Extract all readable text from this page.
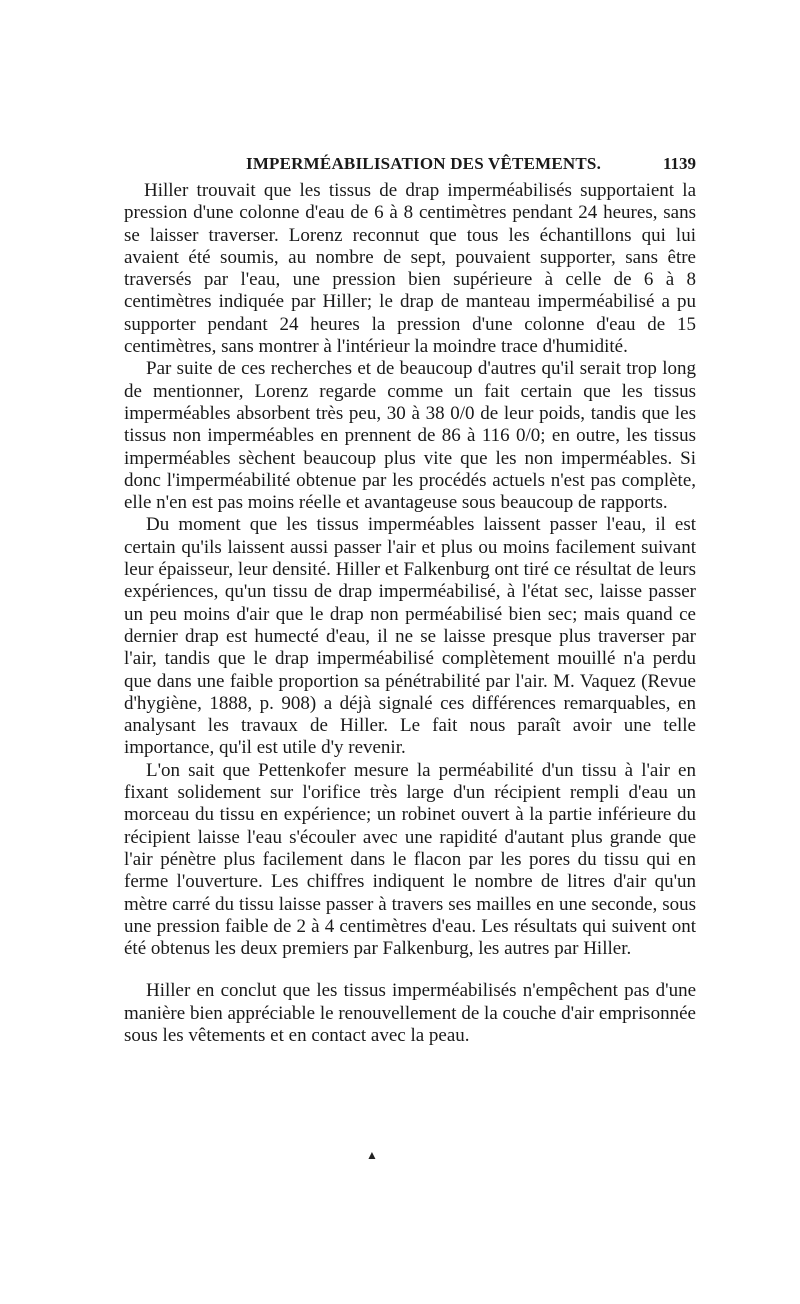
IMPERMÉABILISATION DES VÊTEMENTS.	1139

Hiller trouvait que les tissus de drap imperméabilisés supportaient la pression d'une colonne d'eau de 6 à 8 centimètres pendant 24 heures, sans se laisser traverser. Lorenz reconnut que tous les échantillons qui lui avaient été soumis, au nombre de sept, pouvaient supporter, sans être traversés par l'eau, une pression bien supérieure à celle de 6 à 8 centimètres indiquée par Hiller; le drap de manteau imperméabilisé a pu supporter pendant 24 heures la pression d'une colonne d'eau de 15 centimètres, sans montrer à l'intérieur la moindre trace d'humidité.

Par suite de ces recherches et de beaucoup d'autres qu'il serait trop long de mentionner, Lorenz regarde comme un fait certain que les tissus imperméables absorbent très peu, 30 à 38 0/0 de leur poids, tandis que les tissus non imperméables en prennent de 86 à 116 0/0; en outre, les tissus imperméables sèchent beaucoup plus vite que les non imperméables. Si donc l'imperméabilité obtenue par les procédés actuels n'est pas complète, elle n'en est pas moins réelle et avantageuse sous beaucoup de rapports.

Du moment que les tissus imperméables laissent passer l'eau, il est certain qu'ils laissent aussi passer l'air et plus ou moins facilement suivant leur épaisseur, leur densité. Hiller et Falkenburg ont tiré ce résultat de leurs expériences, qu'un tissu de drap imperméabilisé, à l'état sec, laisse passer un peu moins d'air que le drap non perméabilisé bien sec; mais quand ce dernier drap est humecté d'eau, il ne se laisse presque plus traverser par l'air, tandis que le drap imperméabilisé complètement mouillé n'a perdu que dans une faible proportion sa pénétrabilité par l'air. M. Vaquez (Revue d'hygiène, 1888, p. 908) a déjà signalé ces différences remarquables, en analysant les travaux de Hiller. Le fait nous paraît avoir une telle importance, qu'il est utile d'y revenir.

L'on sait que Pettenkofer mesure la perméabilité d'un tissu à l'air en fixant solidement sur l'orifice très large d'un récipient rempli d'eau un morceau du tissu en expérience; un robinet ouvert à la partie inférieure du récipient laisse l'eau s'écouler avec une rapidité d'autant plus grande que l'air pénètre plus facilement dans le flacon par les pores du tissu qui en ferme l'ouverture. Les chiffres indiquent le nombre de litres d'air qu'un mètre carré du tissu laisse passer à travers ses mailles en une seconde, sous une pression faible de 2 à 4 centimètres d'eau. Les résultats qui suivent ont été obtenus les deux premiers par Falkenburg, les autres par Hiller.

Hiller en conclut que les tissus imperméabilisés n'empêchent pas d'une manière bien appréciable le renouvellement de la couche d'air emprisonnée sous les vêtements et en contact avec la peau.

▲
